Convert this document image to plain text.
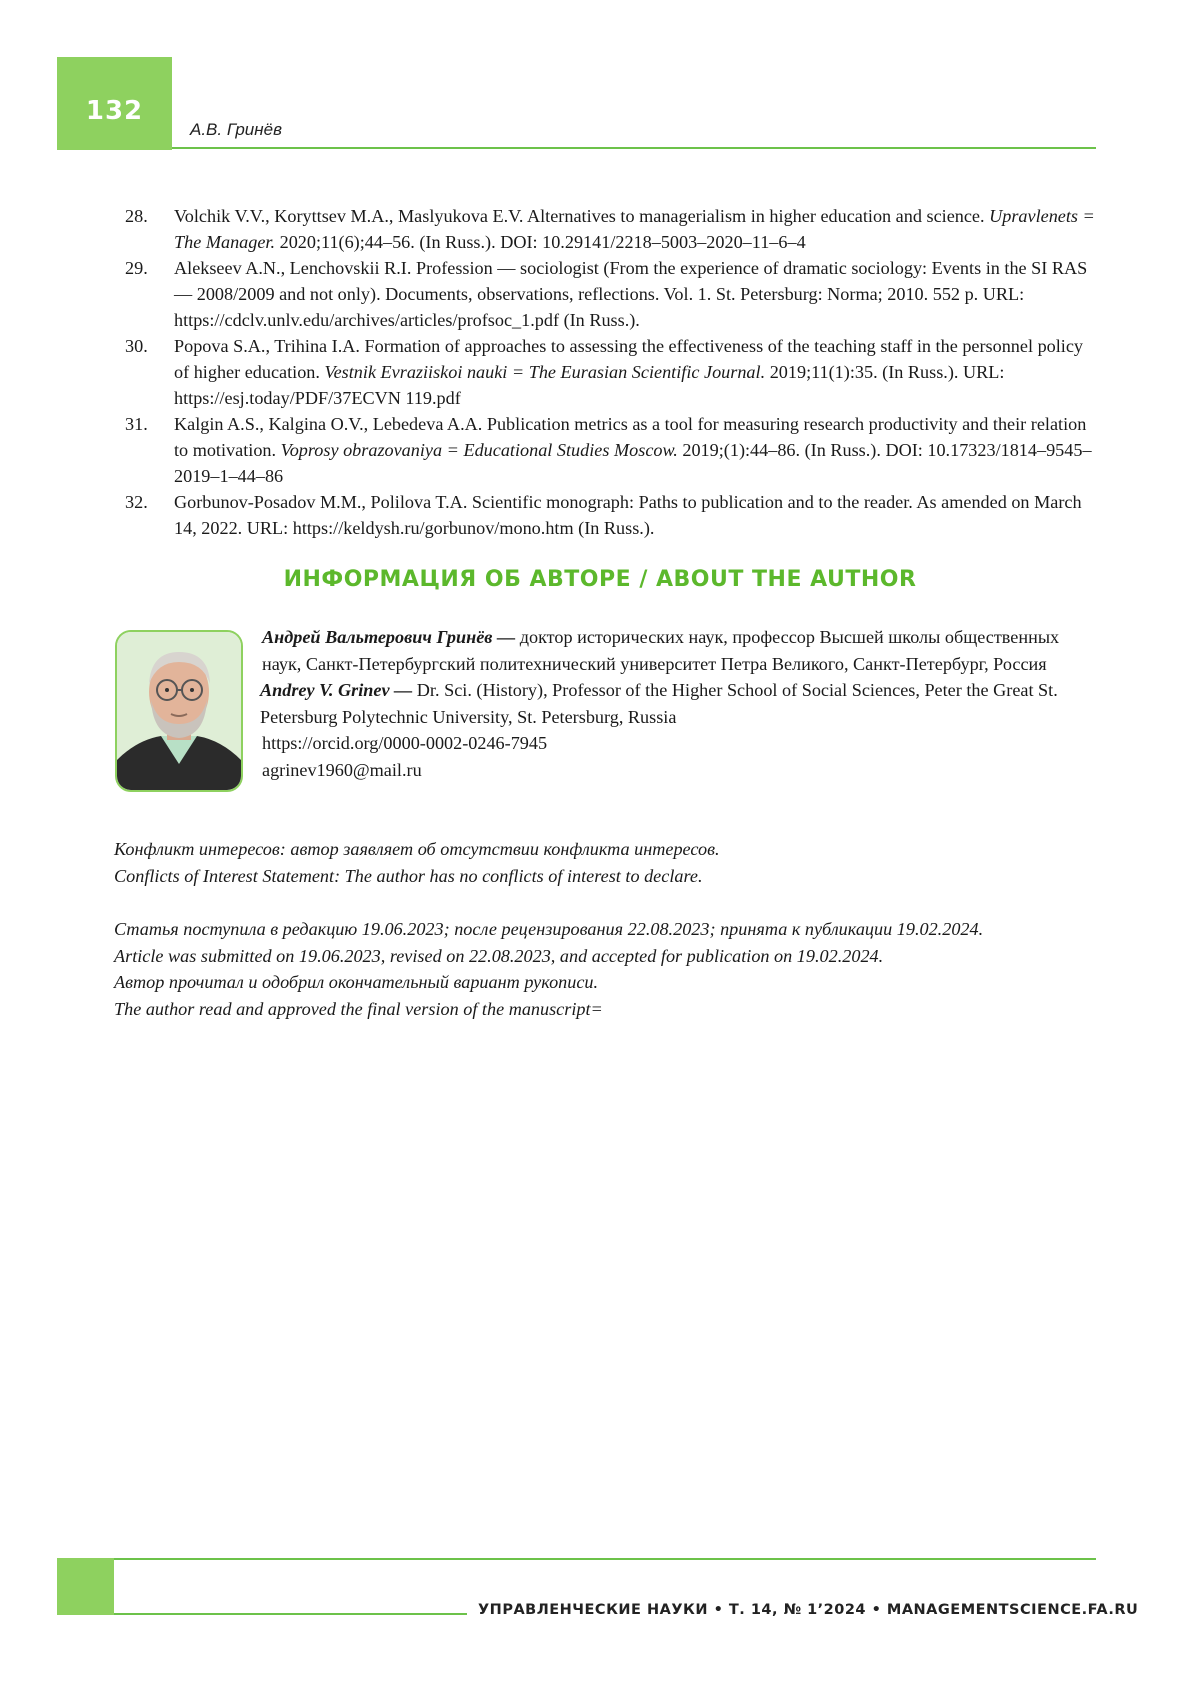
132
А.В. Гринёв
28. Volchik V.V., Koryttsev M.A., Maslyukova E.V. Alternatives to managerialism in higher education and science. Upravlenets = The Manager. 2020;11(6);44–56. (In Russ.). DOI: 10.29141/2218–5003–2020–11–6–4
29. Alekseev A.N., Lenchovskii R.I. Profession — sociologist (From the experience of dramatic sociology: Events in the SI RAS — 2008/2009 and not only). Documents, observations, reflections. Vol. 1. St. Petersburg: Norma; 2010. 552 p. URL: https://cdclv.unlv.edu/archives/articles/profsoc_1.pdf (In Russ.).
30. Popova S.A., Trihina I.A. Formation of approaches to assessing the effectiveness of the teaching staff in the personnel policy of higher education. Vestnik Evraziiskoi nauki = The Eurasian Scientific Journal. 2019;11(1):35. (In Russ.). URL: https://esj.today/PDF/37ECVN 119.pdf
31. Kalgin A.S., Kalgina O.V., Lebedeva A.A. Publication metrics as a tool for measuring research productivity and their relation to motivation. Voprosy obrazovaniya = Educational Studies Moscow. 2019;(1):44–86. (In Russ.). DOI: 10.17323/1814–9545–2019–1–44–86
32. Gorbunov-Posadov M.M., Polilova T.A. Scientific monograph: Paths to publication and to the reader. As amended on March 14, 2022. URL: https://keldysh.ru/gorbunov/mono.htm (In Russ.).
ИНФОРМАЦИЯ ОБ АВТОРЕ / ABOUT THE AUTHOR

Андрей Вальтерович Гринёв — доктор исторических наук, профессор Высшей школы общественных наук, Санкт-Петербургский политехнический университет Петра Великого, Санкт-Петербург, Россия

Andrey V. Grinev — Dr. Sci. (History), Professor of the Higher School of Social Sciences, Peter the Great St. Petersburg Polytechnic University, St. Petersburg, Russia

https://orcid.org/0000-0002-0246-7945

agrinev1960@mail.ru

Конфликт интересов: автор заявляет об отсутствии конфликта интересов.

Conflicts of Interest Statement: The author has no conflicts of interest to declare.

Статья поступила в редакцию 19.06.2023; после рецензирования 22.08.2023; принята к публикации 19.02.2024.

Article was submitted on 19.06.2023, revised on 22.08.2023, and accepted for publication on 19.02.2024.

Автор прочитал и одобрил окончательный вариант рукописи.

The author read and approved the final version of the manuscript=

УПРАВЛЕНЧЕСКИЕ НАУКИ • Т. 14, № 1’2024 • MANAGEMENTSCIENCE.FA.RU
